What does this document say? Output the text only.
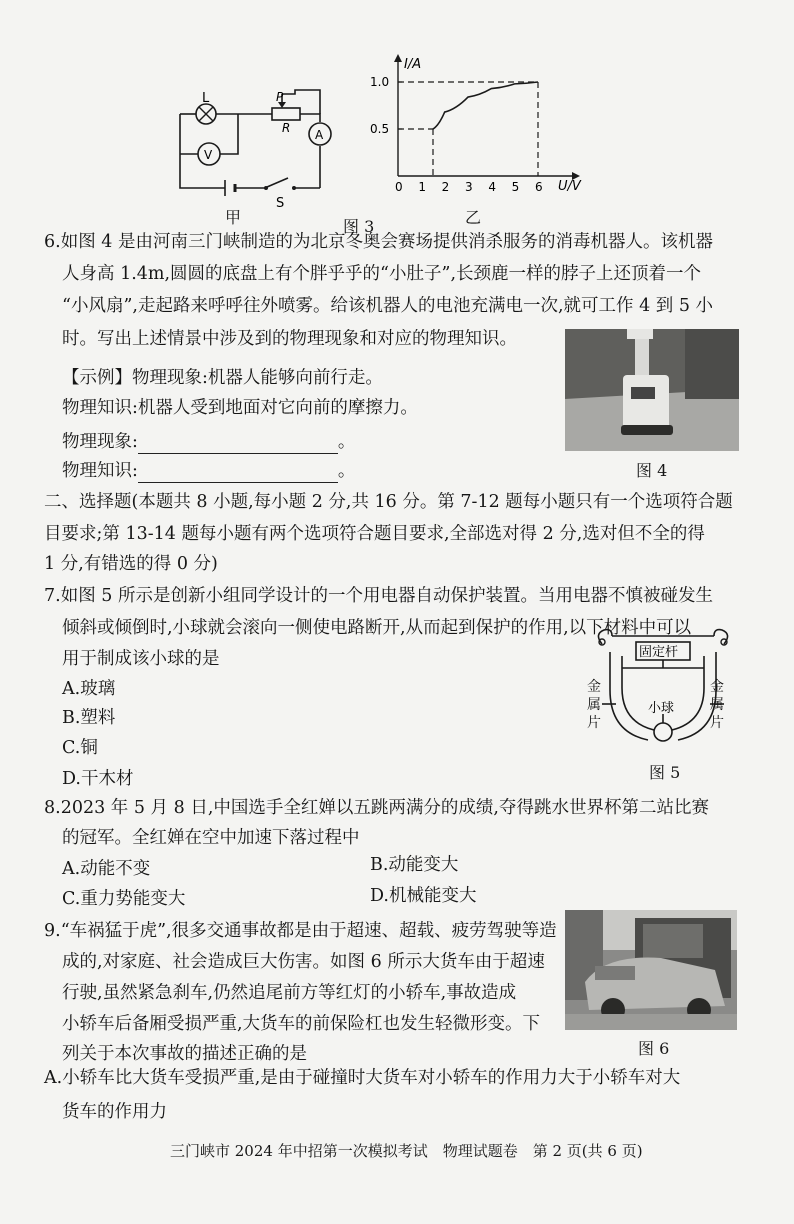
L	P
R A
V
S
甲
0 1 2 3 4 5 6
1.0
0.5
I/A
U/V
乙
图 3
6.如图 4 是由河南三门峡制造的为北京冬奥会赛场提供消杀服务的消毒机器人。该机器
人身高 1.4m,圆圆的底盘上有个胖乎乎的“小肚子”,长颈鹿一样的脖子上还顶着一个
“小风扇”,走起路来呼呼往外喷雾。给该机器人的电池充满电一次,就可工作 4 到 5 小
时。写出上述情景中涉及到的物理现象和对应的物理知识。
【示例】物理现象:机器人能够向前行走。
物理知识:机器人受到地面对它向前的摩擦力。
物理现象:	。
物理知识:	。	图 4
二、选择题(本题共 8 小题,每小题 2 分,共 16 分。第 7-12 题每小题只有一个选项符合题
目要求;第 13-14 题每小题有两个选项符合题目要求,全部选对得 2 分,选对但不全的得
1 分,有错选的得 0 分)
7.如图 5 所示是创新小组同学设计的一个用电器自动保护装置。当用电器不慎被碰发生
倾斜或倾倒时,小球就会滚向一侧使电路断开,从而起到保护的作用,以下材料中可以
用于制成该小球的是
A.玻璃
B.塑料
C.铜
D.干木材
固定杆
小球
金
属
片
金
属
片
图 5
8.2023 年 5 月 8 日,中国选手全红婵以五跳两满分的成绩,夺得跳水世界杯第二站比赛
的冠军。全红婵在空中加速下落过程中
A.动能不变	B.动能变大
C.重力势能变大	D.机械能变大
9.“车祸猛于虎”,很多交通事故都是由于超速、超载、疲劳驾驶等造
成的,对家庭、社会造成巨大伤害。如图 6 所示大货车由于超速
行驶,虽然紧急刹车,仍然追尾前方等红灯的小轿车,事故造成
小轿车后备厢受损严重,大货车的前保险杠也发生轻微形变。下
列关于本次事故的描述正确的是
A.小轿车比大货车受损严重,是由于碰撞时大货车对小轿车的作用力大于小轿车对大
货车的作用力
图 6
三门峡市 2024 年中招第一次模拟考试　物理试题卷　第 2 页(共 6 页)
